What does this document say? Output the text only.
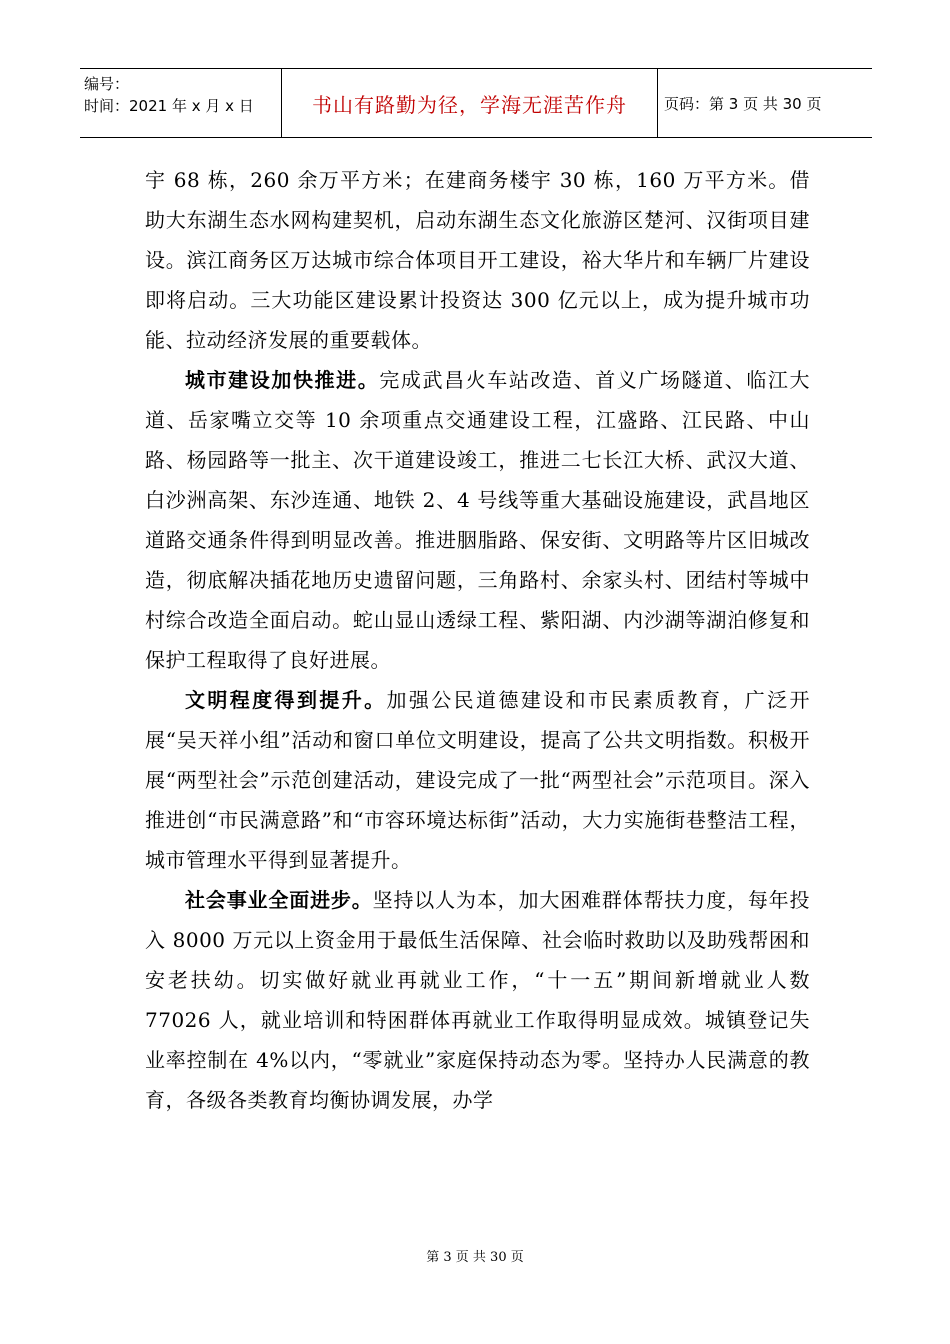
编号：
时间：2021 年 x 月 x 日	书山有路勤为径，学海无涯苦作舟	页码：第 3 页 共 30 页

宇 68 栋，260 余万平方米；在建商务楼宇 30 栋，160 万平方米。借助大东湖生态水网构建契机，启动东湖生态文化旅游区楚河、汉街项目建设。滨江商务区万达城市综合体项目开工建设，裕大华片和车辆厂片建设即将启动。三大功能区建设累计投资达 300 亿元以上，成为提升城市功能、拉动经济发展的重要载体。

城市建设加快推进。完成武昌火车站改造、首义广场隧道、临江大道、岳家嘴立交等 10 余项重点交通建设工程，江盛路、江民路、中山路、杨园路等一批主、次干道建设竣工，推进二七长江大桥、武汉大道、白沙洲高架、东沙连通、地铁 2、4 号线等重大基础设施建设，武昌地区道路交通条件得到明显改善。推进胭脂路、保安街、文明路等片区旧城改造，彻底解决插花地历史遗留问题，三角路村、余家头村、团结村等城中村综合改造全面启动。蛇山显山透绿工程、紫阳湖、内沙湖等湖泊修复和保护工程取得了良好进展。

文明程度得到提升。加强公民道德建设和市民素质教育，广泛开展“吴天祥小组”活动和窗口单位文明建设，提高了公共文明指数。积极开展“两型社会”示范创建活动，建设完成了一批“两型社会”示范项目。深入推进创“市民满意路”和“市容环境达标街”活动，大力实施街巷整洁工程，城市管理水平得到显著提升。

社会事业全面进步。坚持以人为本，加大困难群体帮扶力度，每年投入 8000 万元以上资金用于最低生活保障、社会临时救助以及助残帮困和安老扶幼。切实做好就业再就业工作，“十一五”期间新增就业人数 77026 人，就业培训和特困群体再就业工作取得明显成效。城镇登记失业率控制在 4%以内，“零就业”家庭保持动态为零。坚持办人民满意的教育，各级各类教育均衡协调发展，办学

第 3 页 共 30 页
